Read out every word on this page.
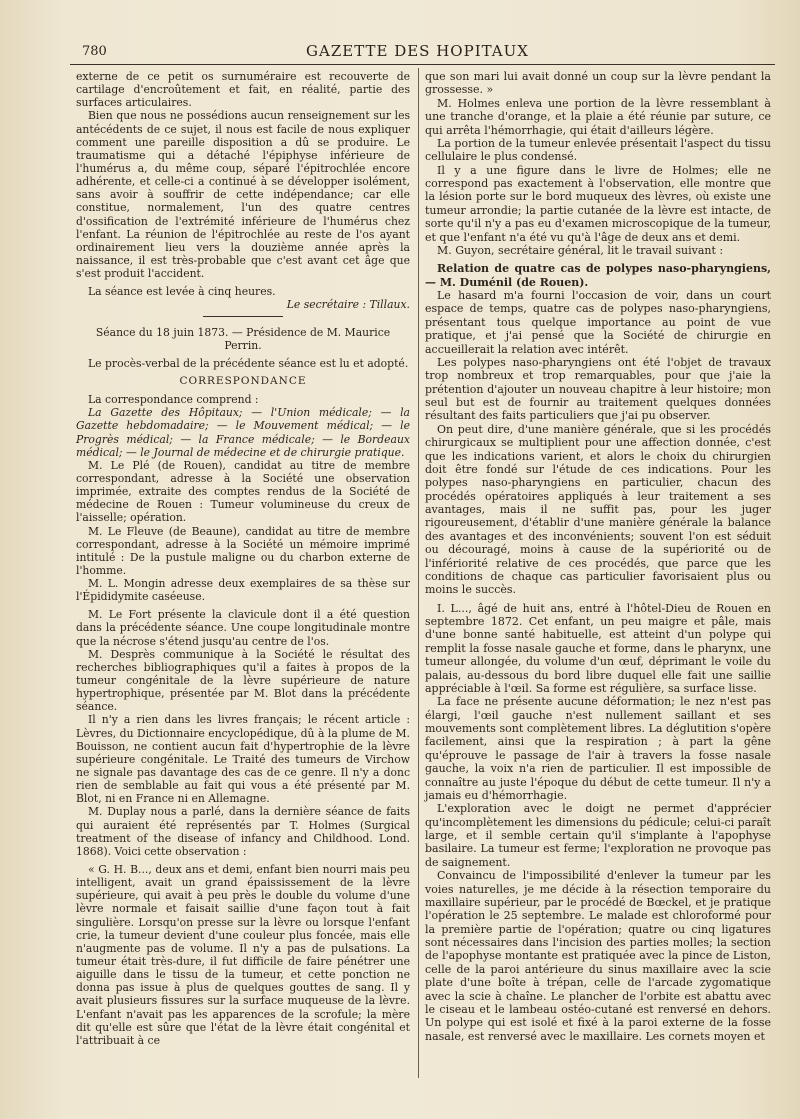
780	GAZETTE DES HOPITAUX

externe de ce petit os surnuméraire est recouverte de cartilage d'encroûtement et fait, en réalité, partie des surfaces articulaires.

Bien que nous ne possédions aucun renseignement sur les antécédents de ce sujet, il nous est facile de nous expliquer comment une pareille disposition a dû se produire. Le traumatisme qui a détaché l'épiphyse inférieure de l'humérus a, du même coup, séparé l'épitrochlée encore adhérente, et celle-ci a continué à se développer isolément, sans avoir à souffrir de cette indépendance; car elle constitue, normalement, l'un des quatre centres d'ossification de l'extrémité inférieure de l'humérus chez l'enfant. La réunion de l'épitrochlée au reste de l'os ayant ordinairement lieu vers la douzième année après la naissance, il est très-probable que c'est avant cet âge que s'est produit l'accident.

La séance est levée à cinq heures.

Le secrétaire : Tillaux.

Séance du 18 juin 1873. — Présidence de M. Maurice Perrin.

Le procès-verbal de la précédente séance est lu et adopté.

CORRESPONDANCE

La correspondance comprend :

La Gazette des Hôpitaux; — l'Union médicale; — la Gazette hebdomadaire; — le Mouvement médical; — le Progrès médical; — la France médicale; — le Bordeaux médical; — le Journal de médecine et de chirurgie pratique.

M. Le Plé (de Rouen), candidat au titre de membre correspondant, adresse à la Société une observation imprimée, extraite des comptes rendus de la Société de médecine de Rouen : Tumeur volumineuse du creux de l'aisselle; opération.

M. Le Fleuve (de Beaune), candidat au titre de membre correspondant, adresse à la Société un mémoire imprimé intitulé : De la pustule maligne ou du charbon externe de l'homme.

M. L. Mongin adresse deux exemplaires de sa thèse sur l'Épididymite caséeuse.

M. Le Fort présente la clavicule dont il a été question dans la précédente séance. Une coupe longitudinale montre que la nécrose s'étend jusqu'au centre de l'os.

M. Desprès communique à la Société le résultat des recherches bibliographiques qu'il a faites à propos de la tumeur congénitale de la lèvre supérieure de nature hypertrophique, présentée par M. Blot dans la précédente séance.

Il n'y a rien dans les livres français; le récent article : Lèvres, du Dictionnaire encyclopédique, dû à la plume de M. Bouisson, ne contient aucun fait d'hypertrophie de la lèvre supérieure congénitale. Le Traité des tumeurs de Virchow ne signale pas davantage des cas de ce genre. Il n'y a donc rien de semblable au fait qui vous a été présenté par M. Blot, ni en France ni en Allemagne.

M. Duplay nous a parlé, dans la dernière séance de faits qui auraient été représentés par T. Holmes (Surgical treatment of the disease of infancy and Childhood. Lond. 1868). Voici cette observation :

« G. H. B..., deux ans et demi, enfant bien nourri mais peu intelligent, avait un grand épaississement de la lèvre supérieure, qui avait à peu près le double du volume d'une lèvre normale et faisait saillie d'une façon tout à fait singulière. Lorsqu'on presse sur la lèvre ou lorsque l'enfant crie, la tumeur devient d'une couleur plus foncée, mais elle n'augmente pas de volume. Il n'y a pas de pulsations. La tumeur était très-dure, il fut difficile de faire pénétrer une aiguille dans le tissu de la tumeur, et cette ponction ne donna pas issue à plus de quelques gouttes de sang. Il y avait plusieurs fissures sur la surface muqueuse de la lèvre. L'enfant n'avait pas les apparences de la scrofule; la mère dit qu'elle est sûre que l'état de la lèvre était congénital et l'attribuait à ce

que son mari lui avait donné un coup sur la lèvre pendant la grossesse. »

M. Holmes enleva une portion de la lèvre ressemblant à une tranche d'orange, et la plaie a été réunie par suture, ce qui arrêta l'hémorrhagie, qui était d'ailleurs légère.

La portion de la tumeur enlevée présentait l'aspect du tissu cellulaire le plus condensé.

Il y a une figure dans le livre de Holmes; elle ne correspond pas exactement à l'observation, elle montre que la lésion porte sur le bord muqueux des lèvres, où existe une tumeur arrondie; la partie cutanée de la lèvre est intacte, de sorte qu'il n'y a pas eu d'examen microscopique de la tumeur, et que l'enfant n'a été vu qu'à l'âge de deux ans et demi.

M. Guyon, secrétaire général, lit le travail suivant :

Relation de quatre cas de polypes naso-pharyngiens, — M. Duménil (de Rouen).

Le hasard m'a fourni l'occasion de voir, dans un court espace de temps, quatre cas de polypes naso-pharyngiens, présentant tous quelque importance au point de vue pratique, et j'ai pensé que la Société de chirurgie en accueillerait la relation avec intérêt.

Les polypes naso-pharyngiens ont été l'objet de travaux trop nombreux et trop remarquables, pour que j'aie la prétention d'ajouter un nouveau chapitre à leur histoire; mon seul but est de fournir au traitement quelques données résultant des faits particuliers que j'ai pu observer.

On peut dire, d'une manière générale, que si les procédés chirurgicaux se multiplient pour une affection donnée, c'est que les indications varient, et alors le choix du chirurgien doit être fondé sur l'étude de ces indications. Pour les polypes naso-pharyngiens en particulier, chacun des procédés opératoires appliqués à leur traitement a ses avantages, mais il ne suffit pas, pour les juger rigoureusement, d'établir d'une manière générale la balance des avantages et des inconvénients; souvent l'on est séduit ou découragé, moins à cause de la supériorité ou de l'infériorité relative de ces procédés, que parce que les conditions de chaque cas particulier favorisaient plus ou moins le succès.

I. L..., âgé de huit ans, entré à l'hôtel-Dieu de Rouen en septembre 1872. Cet enfant, un peu maigre et pâle, mais d'une bonne santé habituelle, est atteint d'un polype qui remplit la fosse nasale gauche et forme, dans le pharynx, une tumeur allongée, du volume d'un œuf, déprimant le voile du palais, au-dessous du bord libre duquel elle fait une saillie appréciable à l'œil. Sa forme est régulière, sa surface lisse.

La face ne présente aucune déformation; le nez n'est pas élargi, l'œil gauche n'est nullement saillant et ses mouvements sont complètement libres. La déglutition s'opère facilement, ainsi que la respiration ; à part la gêne qu'éprouve le passage de l'air à travers la fosse nasale gauche, la voix n'a rien de particulier. Il est impossible de connaître au juste l'époque du début de cette tumeur. Il n'y a jamais eu d'hémorrhagie.

L'exploration avec le doigt ne permet d'apprécier qu'incomplètement les dimensions du pédicule; celui-ci paraît large, et il semble certain qu'il s'implante à l'apophyse basilaire. La tumeur est ferme; l'exploration ne provoque pas de saignement.

Convaincu de l'impossibilité d'enlever la tumeur par les voies naturelles, je me décide à la résection temporaire du maxillaire supérieur, par le procédé de Bœckel, et je pratique l'opération le 25 septembre. Le malade est chloroformé pour la première partie de l'opération; quatre ou cinq ligatures sont nécessaires dans l'incision des parties molles; la section de l'apophyse montante est pratiquée avec la pince de Liston, celle de la paroi antérieure du sinus maxillaire avec la scie plate d'une boîte à trépan, celle de l'arcade zygomatique avec la scie à chaîne. Le plancher de l'orbite est abattu avec le ciseau et le lambeau ostéo-cutané est renversé en dehors. Un polype qui est isolé et fixé à la paroi externe de la fosse nasale, est renversé avec le maxillaire. Les cornets moyen et
